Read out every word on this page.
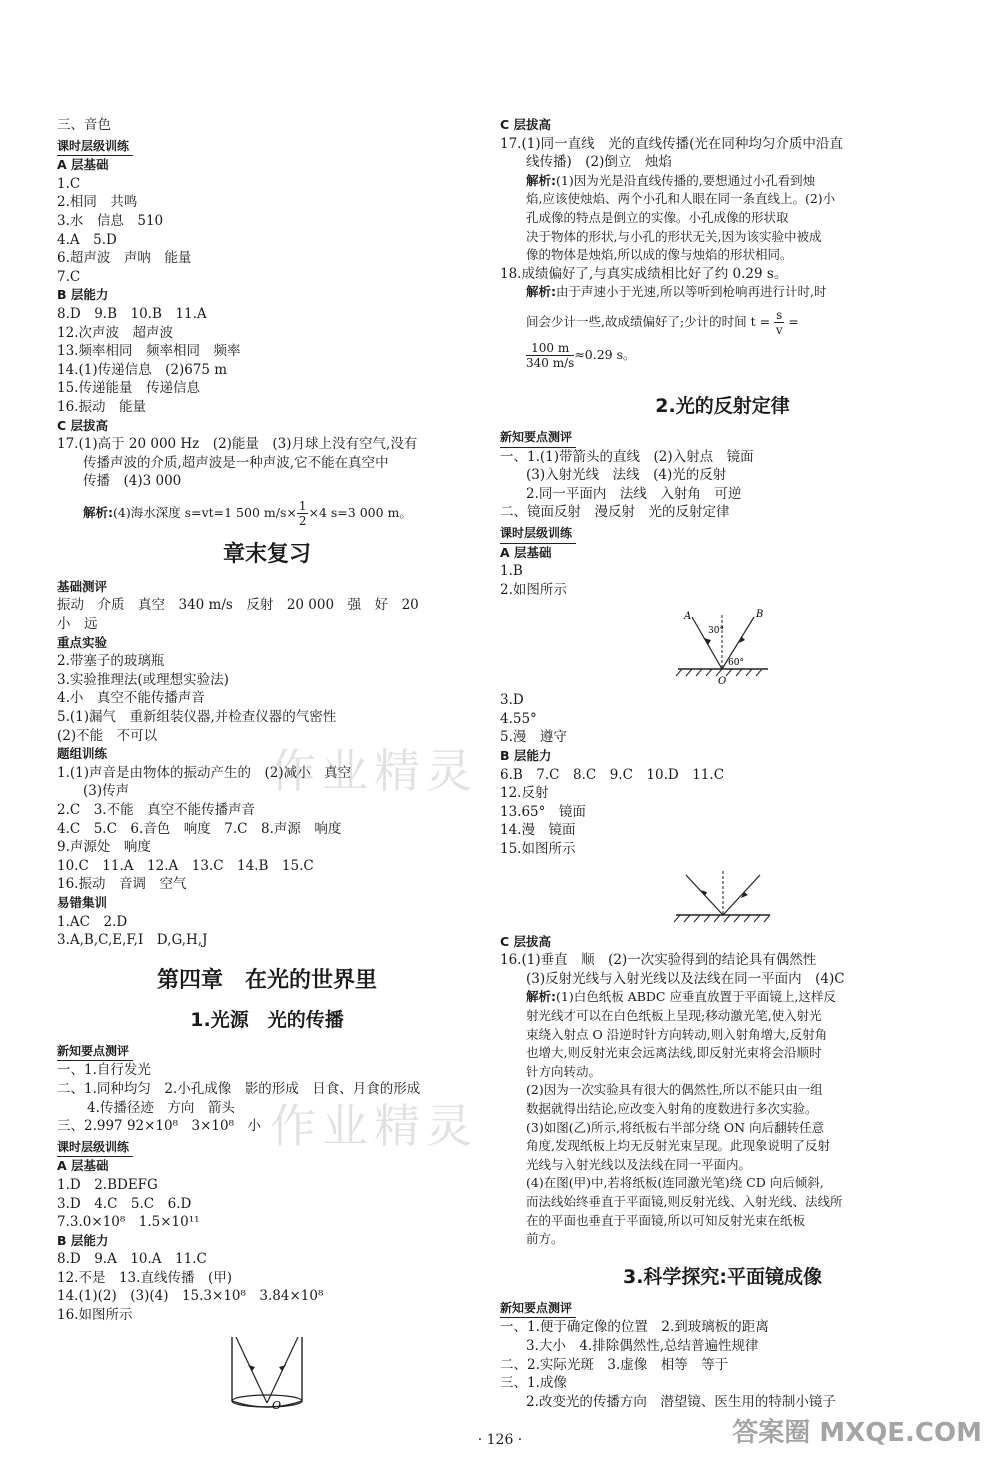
三、音色
课时层级训练
A 层基础
1.C
2.相同　共鸣
3.水　信息　510
4.A　5.D
6.超声波　声呐　能量
7.C
B 层能力
8.D　9.B　10.B　11.A
12.次声波　超声波
13.频率相同　频率相同　频率
14.(1)传递信息　(2)675 m
15.传递能量　传递信息
16.振动　能量
C 层拔高
17.(1)高于 20 000 Hz　(2)能量　(3)月球上没有空气,没有
传播声波的介质,超声波是一种声波,它不能在真空中
传播　(4)3 000
解析:(4)海水深度 s=vt=1 500 $m/s\times \frac{1}{2} \times 4$ s=3 000 m。
章末复习
基础测评
振动　介质　真空　340 m/s　反射　20 000　强　好　20
小　远
重点实验
2.带塞子的玻璃瓶
3.实验推理法(或理想实验法)
4.小　真空不能传播声音
5.(1)漏气　重新组装仪器,并检查仪器的气密性
(2)不能　不可以
题组训练
1.(1)声音是由物体的振动产生的　(2)减小　真空
(3)传声
2.C　3.不能　真空不能传播声音
4.C　5.C　6.音色　响度　7.C　8.声源　响度
9.声源处　响度
10.C　11.A　12.A　13.C　14.B　15.C
16.振动　音调　空气
易错集训
1.AC　2.D
3.A,B,C,E,F,I　D,G,H,J
第四章　在光的世界里
1.光源　光的传播
新知要点测评
一、1.自行发光
二、1.同种均匀　2.小孔成像　影的形成　日食、月食的形成
4.传播径迹　方向　箭头
三、2.997 92×10⁸　3×10⁸　小
课时层级训练
A 层基础
1.D　2.BDEFG
3.D　4.C　5.C　6.D
7.3.0×10⁸　1.5×10¹¹
B 层能力
8.D　9.A　10.A　11.C
12.不是　13.直线传播　(甲)
14.(1)(2)　(3)(4)　15.3×10⁸　3.84×10⁸
16.如图所示
O
C 层拔高
17.(1)同一直线　光的直线传播(光在同种均匀介质中沿直
线传播)　(2)倒立　烛焰
解析:(1)因为光是沿直线传播的,要想通过小孔看到烛
焰,应该使烛焰、两个小孔和人眼在同一条直线上。(2)小
孔成像的特点是倒立的实像。小孔成像的形状取
决于物体的形状,与小孔的形状无关,因为该实验中被成
像的物体是烛焰,所以成的像与烛焰的形状相同。
18.成绩偏好了,与真实成绩相比好了约 0.29 s。
解析:由于声速小于光速,所以等听到枪响再进行计时,时
间会少计一些,故成绩偏好了;少计的时间 $t = \frac{s}{v}$ =
$\frac{100 m}{340 m/s} \approx 0.29$ s。
2.光的反射定律
新知要点测评
一、1.(1)带箭头的直线　(2)入射点　镜面
(3)入射光线　法线　(4)光的反射
2.同一平面内　法线　入射角　可逆
二、镜面反射　漫反射　光的反射定律
课时层级训练
A 层基础
1.B
2.如图所示
A	B
30°
60°
O
3.D
4.55°
5.漫　遵守
B 层能力
6.B　7.C　8.C　9.C　10.D　11.C
12.反射
13.65°　镜面
14.漫　镜面
15.如图所示
C 层拔高
16.(1)垂直　顺　(2)一次实验得到的结论具有偶然性
(3)反射光线与入射光线以及法线在同一平面内　(4)C
解析:(1)白色纸板 ABDC 应垂直放置于平面镜上,这样反
射光线才可以在白色纸板上呈现;移动激光笔,使入射光
束绕入射点 O 沿逆时针方向转动,则入射角增大,反射角
也增大,则反射光束会远离法线,即反射光束将会沿顺时
针方向转动。
(2)因为一次实验具有很大的偶然性,所以不能只由一组
数据就得出结论,应改变入射角的度数进行多次实验。
(3)如图(乙)所示,将纸板右半部分绕 ON 向后翻转任意
角度,发现纸板上均无反射光束呈现。此现象说明了反射
光线与入射光线以及法线在同一平面内。
(4)在图(甲)中,若将纸板(连同激光笔)绕 CD 向后倾斜,
而法线始终垂直于平面镜,则反射光线、入射光线、法线所
在的平面也垂直于平面镜,所以可知反射光束在纸板
前方。
3.科学探究:平面镜成像
新知要点测评
一、1.便于确定像的位置　2.到玻璃板的距离
3.大小　4.排除偶然性,总结普遍性规律
二、2.实际光斑　3.虚像　相等　等于
三、1.成像
2.改变光的传播方向　潜望镜、医生用的特制小镜子
作业精灵
作业精灵
· 126 ·	答案圈 MXQE.COM
